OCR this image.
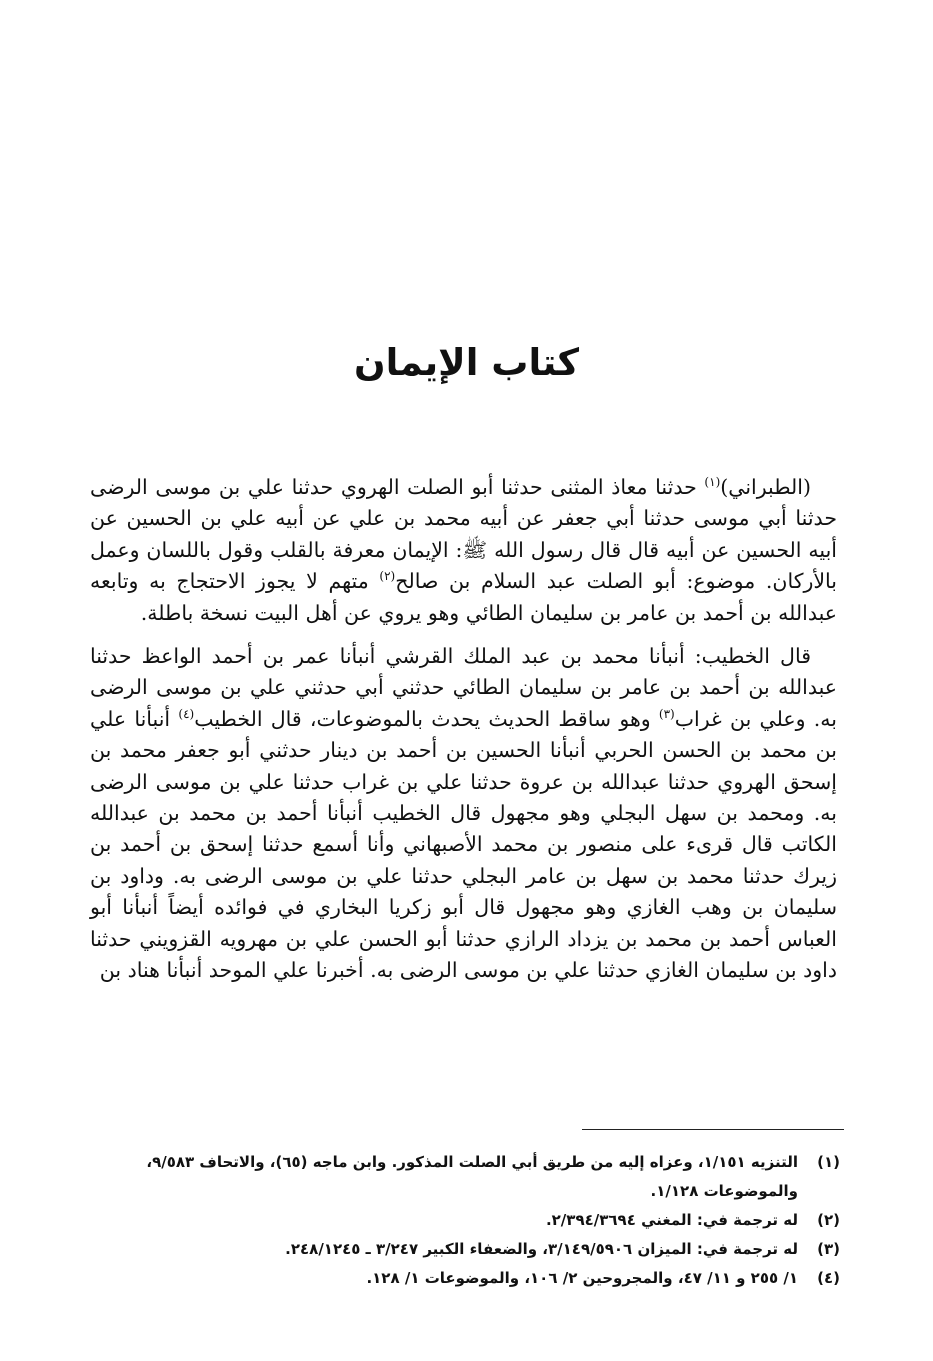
كتاب الإيمان

(الطبراني)$^{(١)}$ حدثنا معاذ المثنى حدثنا أبو الصلت الهروي حدثنا علي بن موسى الرضى حدثنا أبي موسى حدثنا أبي جعفر عن أبيه محمد بن علي عن أبيه علي بن الحسين عن أبيه الحسين عن أبيه قال قال رسول الله ﷺ: الإيمان معرفة بالقلب وقول باللسان وعمل بالأركان. موضوع: أبو الصلت عبد السلام بن صالح$^{(٢)}$ متهم لا يجوز الاحتجاج به وتابعه عبدالله بن أحمد بن عامر بن سليمان الطائي وهو يروي عن أهل البيت نسخة باطلة.

قال الخطيب: أنبأنا محمد بن عبد الملك القرشي أنبأنا عمر بن أحمد الواعظ حدثنا عبدالله بن أحمد بن عامر بن سليمان الطائي حدثني أبي حدثني علي بن موسى الرضى به. وعلي بن غراب$^{(٣)}$ وهو ساقط الحديث يحدث بالموضوعات، قال الخطيب$^{(٤)}$ أنبأنا علي بن محمد بن الحسن الحربي أنبأنا الحسين بن أحمد بن دينار حدثني أبو جعفر محمد بن إسحق الهروي حدثنا عبدالله بن عروة حدثنا علي بن غراب حدثنا علي بن موسى الرضى به. ومحمد بن سهل البجلي وهو مجهول قال الخطيب أنبأنا أحمد بن محمد بن عبدالله الكاتب قال قرىء على منصور بن محمد الأصبهاني وأنا أسمع حدثنا إسحق بن أحمد بن زيرك حدثنا محمد بن سهل بن عامر البجلي حدثنا علي بن موسى الرضى به. وداود بن سليمان بن وهب الغازي وهو مجهول قال أبو زكريا البخاري في فوائده أيضاً أنبأنا أبو العباس أحمد بن محمد بن يزداد الرازي حدثنا أبو الحسن علي بن مهرويه القزويني حدثنا داود بن سليمان الغازي حدثنا علي بن موسى الرضى به. أخبرنا علي الموحد أنبأنا هناد بن

(١)
التنزيه ١/١٥١، وعزاه إليه من طريق أبي الصلت المذكور. وابن ماجه (٦٥)، والاتحاف ٩/٥٨٣، والموضوعات ١/١٢٨.
(٢)
له ترجمة في: المغني ٢/٣٩٤/٣٦٩٤.
(٣)
له ترجمة في: الميزان ٣/١٤٩/٥٩٠٦، والضعفاء الكبير ٣/٢٤٧ ـ ٢٤٨/١٢٤٥.
(٤)
١/ ٢٥٥ و ١١/ ٤٧، والمجروحين ٢/ ١٠٦، والموضوعات ١/ ١٢٨.
